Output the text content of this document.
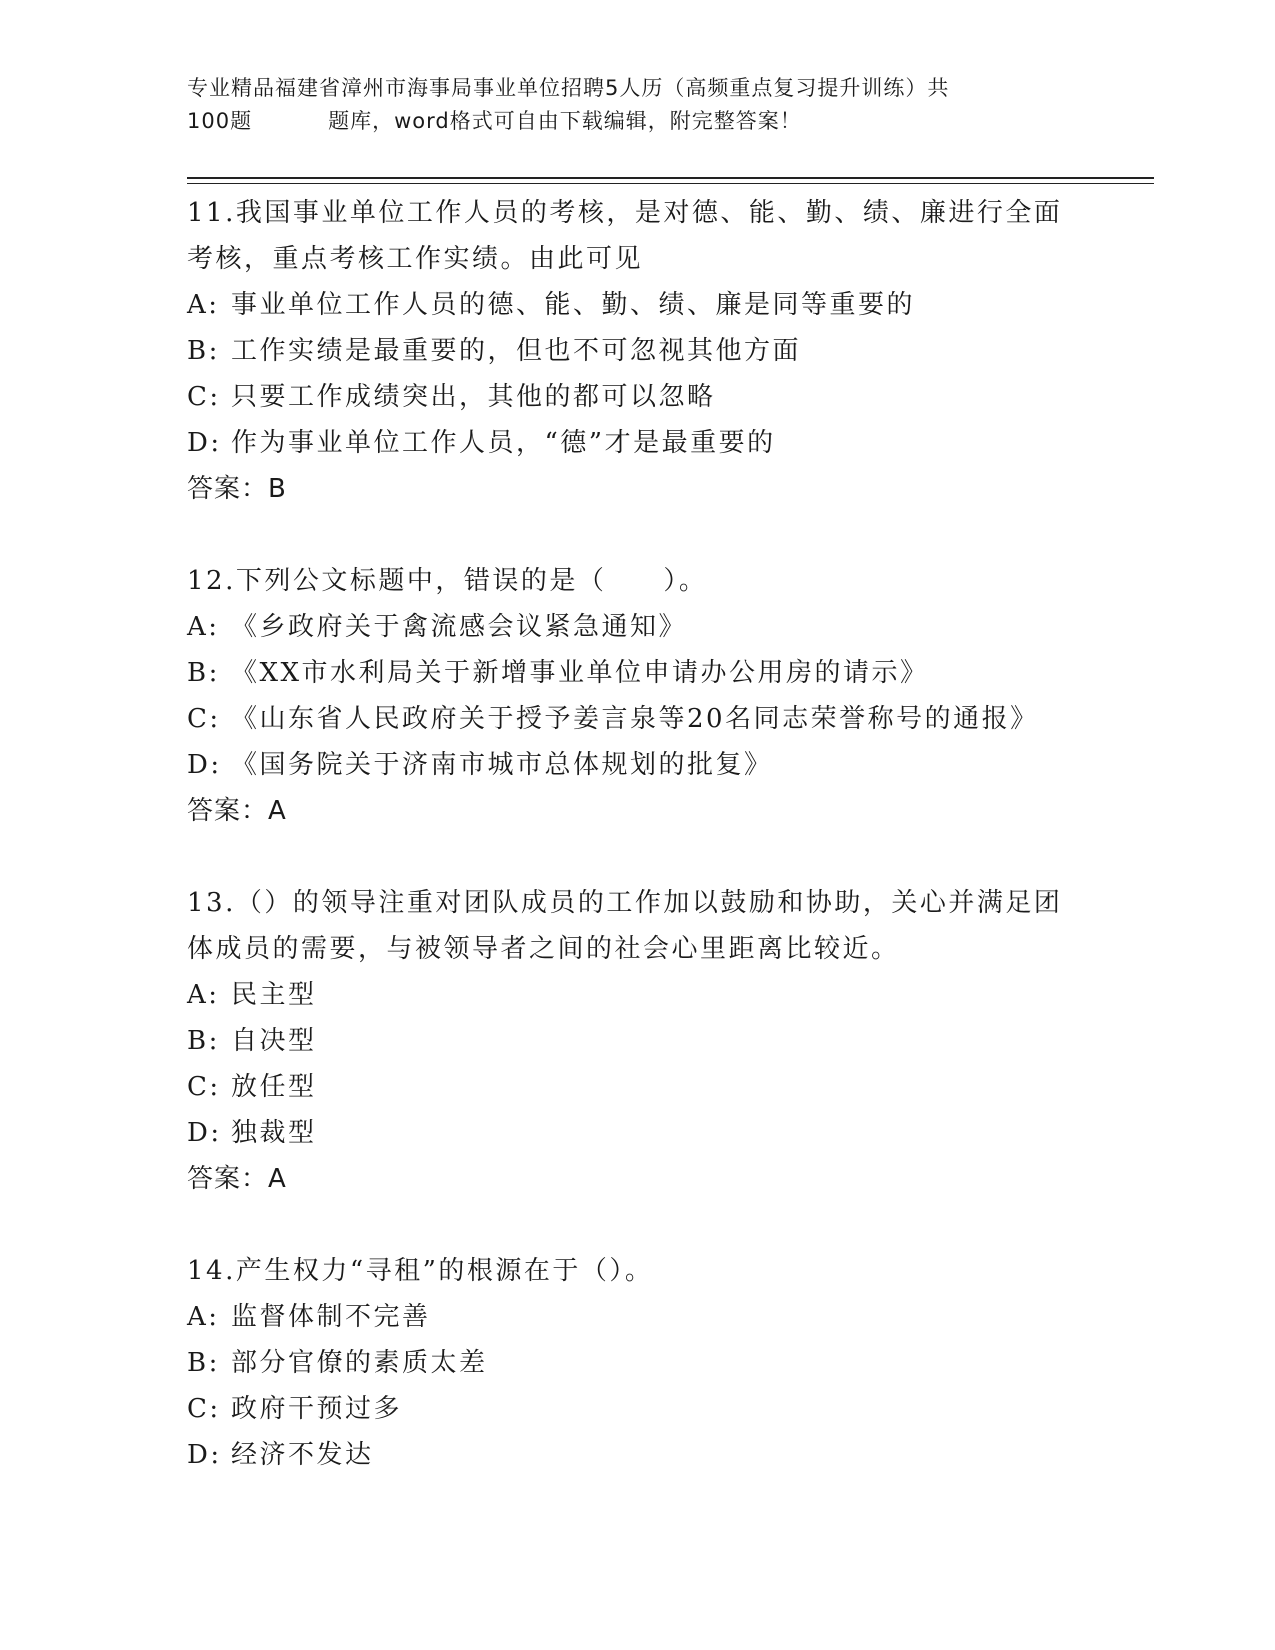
专业精品福建省漳州市海事局事业单位招聘5人历（高频重点复习提升训练）共
100题	题库，word格式可自由下载编辑，附完整答案！
11.我国事业单位工作人员的考核，是对德、能、勤、绩、廉进行全面
考核，重点考核工作实绩。由此可见
A: 事业单位工作人员的德、能、勤、绩、廉是同等重要的
B: 工作实绩是最重要的，但也不可忽视其他方面
C: 只要工作成绩突出，其他的都可以忽略
D: 作为事业单位工作人员，“德”才是最重要的
答案：B
12.下列公文标题中，错误的是（　　）。
A: 《乡政府关于禽流感会议紧急通知》
B: 《XX市水利局关于新增事业单位申请办公用房的请示》
C: 《山东省人民政府关于授予姜言泉等20名同志荣誉称号的通报》
D: 《国务院关于济南市城市总体规划的批复》
答案：A
13.（）的领导注重对团队成员的工作加以鼓励和协助，关心并满足团
体成员的需要，与被领导者之间的社会心里距离比较近。
A: 民主型
B: 自决型
C: 放任型
D: 独裁型
答案：A
14.产生权力“寻租”的根源在于（）。
A: 监督体制不完善
B: 部分官僚的素质太差
C: 政府干预过多
D: 经济不发达
